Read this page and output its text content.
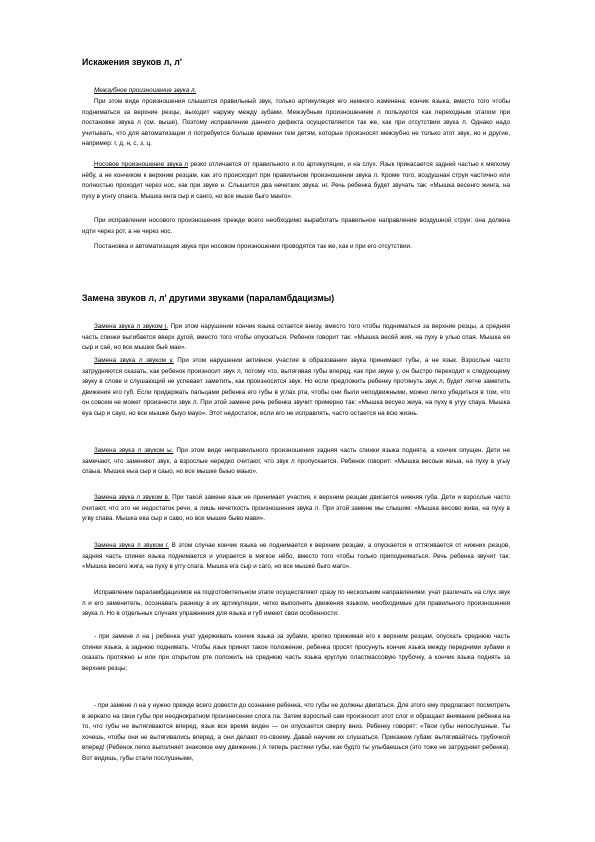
Искажения звуков л, л'
Межзубное произношение звука л.

При этом виде произношения слышится правильный звук, только артикуляция его немного изменена: кончик языка, вместо того чтобы подниматься за верхние резцы, выходит наружу между зубами. Межзубным произношением л пользуются как переходным этапом при постановке звука л (см. выше). Поэтому исправление данного дефекта осуществляется так же, как при отсутствии звука л. Однако надо учитывать, что для автоматизации л потребуется больше времени тем детям, которые произносят межзубно не только этот звук, но и другие, например: г, д, н, с, з, ц.

Носовое произношение звука л резко отличается от правильного и по артикуляции, и на слух. Язык прикасается задней частью к мягкому нёбу, а не кончиком к верхним резцам, как это происходит при правильном произношении звука л. Кроме того, воздушная струя частично или полностью проходит через нос, как при звуке н. Слышится два нечетких звука: нг. Речь ребенка будет звучать так: «Мышка весенго жинга, на пуху в угнгу спанга. Мышка енга сыр и санго, но все мыше быго манго».

При исправлении носового произношения прежде всего необходимо выработать правильное направление воздушной струи: она должна идти через рот, а не через нос.

Постановка и автоматизация звука при носовом произношении проводятся так же, как и при его отсутствии.

Замена звуков л, л' другими звуками (параламбдацизмы)

Замена звука л звуком j. При этом нарушении кончик языка остается внизу, вместо того чтобы подниматься за верхние резцы, а средняя часть спинки выгибается вверх дугой, вместо того чтобы опускаться. Ребенок говорит так: «Мышка весёй жия, на пуху в улью спая. Мышка ея сыр и саё, но все мышке быё мае».

Замена звука л звуком у. При этом нарушении активное участие в образовании звука принимают губы, а не язык. Взрослые часто затрудняются сказать, как ребенок произносит звук л, потому что, вытягивая губы вперед, как при звуке у, он быстро переходит к следующему звуку в слове и слушающий не успевает заметить, как произносится звук. Но если предложить ребенку протянуть звук л, будет легче заметить движения его губ. Если придержать пальцами ребенка его губы в углах рта, чтобы они были неподвижными, можно легко убедиться в том, что он совсем не может произнести звук л. При этой замене речь ребенка звучит примерно так: «Мышка весуeo жиуа, на пуху в угуу спауа. Мышка еуа сыр и сауо, но все мышке быуо мауо». Этот недостаток, если его не исправлять, часто остается на всю жизнь.

Замена звука л звуком ы. При этом виде неправильного произношения задняя часть спинки языка поднята, а кончик опущен. Дети не замечают, что заменяют звук, а взрослые нередко считают, что звук л пропускается. Ребенок говорит: «Мышка весоые жиыа, на пуху в угыу спаыа. Мышка еыа сыр и саыо, но все мышке быыо маыо».

Замена звука л звуком в. При такой замене язык не принимает участия, к верхним резцам двигается нижняя губа. Дети и взрослые часто считают, что это не недостаток речи, а лишь нечеткость произношения звука л. При этой замене мы слышим: «Мышка весово жива, на пуху в угву спава. Мышка ева сыр и саво, но все мышке быво мави».

Замена звука л звуком г. В этом случае кончик языка не поднимается к верхним резцам, а опускается и оттягивается от нижних резцов, задняя часть спинки языка поднимается и упирается в мягкое нёбо, вместо того чтобы только приподниматься. Речь ребенка звучит так: «Мышка весего жига, на пуху в уггу спага. Мышка ега сыр и саго, но все мышке быго маго».

Исправление параламбдацизмов на подготовительном этапе осуществляют сразу по нескольким направлениям: учат различать на слух звук л и его заменитель, осознавать разницу в их артикуляции, четко выполнять движения языком, необходимые для правильного произношения звука л. Но в отдельных случаях упражнения для языка и губ имеют свои особенности:

- при замене л на j ребенка учат удерживать кончик языка за зубами, крепко прижимая его к верхним резцам, опускать среднюю часть спинки языка, а заднюю поднимать. Чтобы язык принял такое положение, ребенка просят просунуть кончик языка между передними зубами и сказать протяжно ы или при открытом рте положить на среднюю часть языка круглую пластмассовую трубочку, а кончик языка поднять за верхние резцы;

- при замене л на у нужно прежде всего довести до сознания ребенка, что губы не должны двигаться. Для этого ему предлагают посмотреть в зеркало на свои губы при неоднократном произнесении слога ла. Затем взрослый сам произносит этот слог и обращает внимание ребенка на то, что губы не вытягиваются вперед, язык все время виден — он опускается сверху вниз. Ребенку говорят: «Твои губы непослушные. Ты хочешь, чтобы они не вытягивались вперед, а они делают по-своему. Давай научим их слушаться. Прикажем губам: вытягивайтесь трубочкой вперед! (Ребенок легко выполняет знакомое ему движение.) А теперь растяни губы, как будто ты улыбаешься (это тоже не затрудняет ребенка). Вот видишь, губы стали послушными,
